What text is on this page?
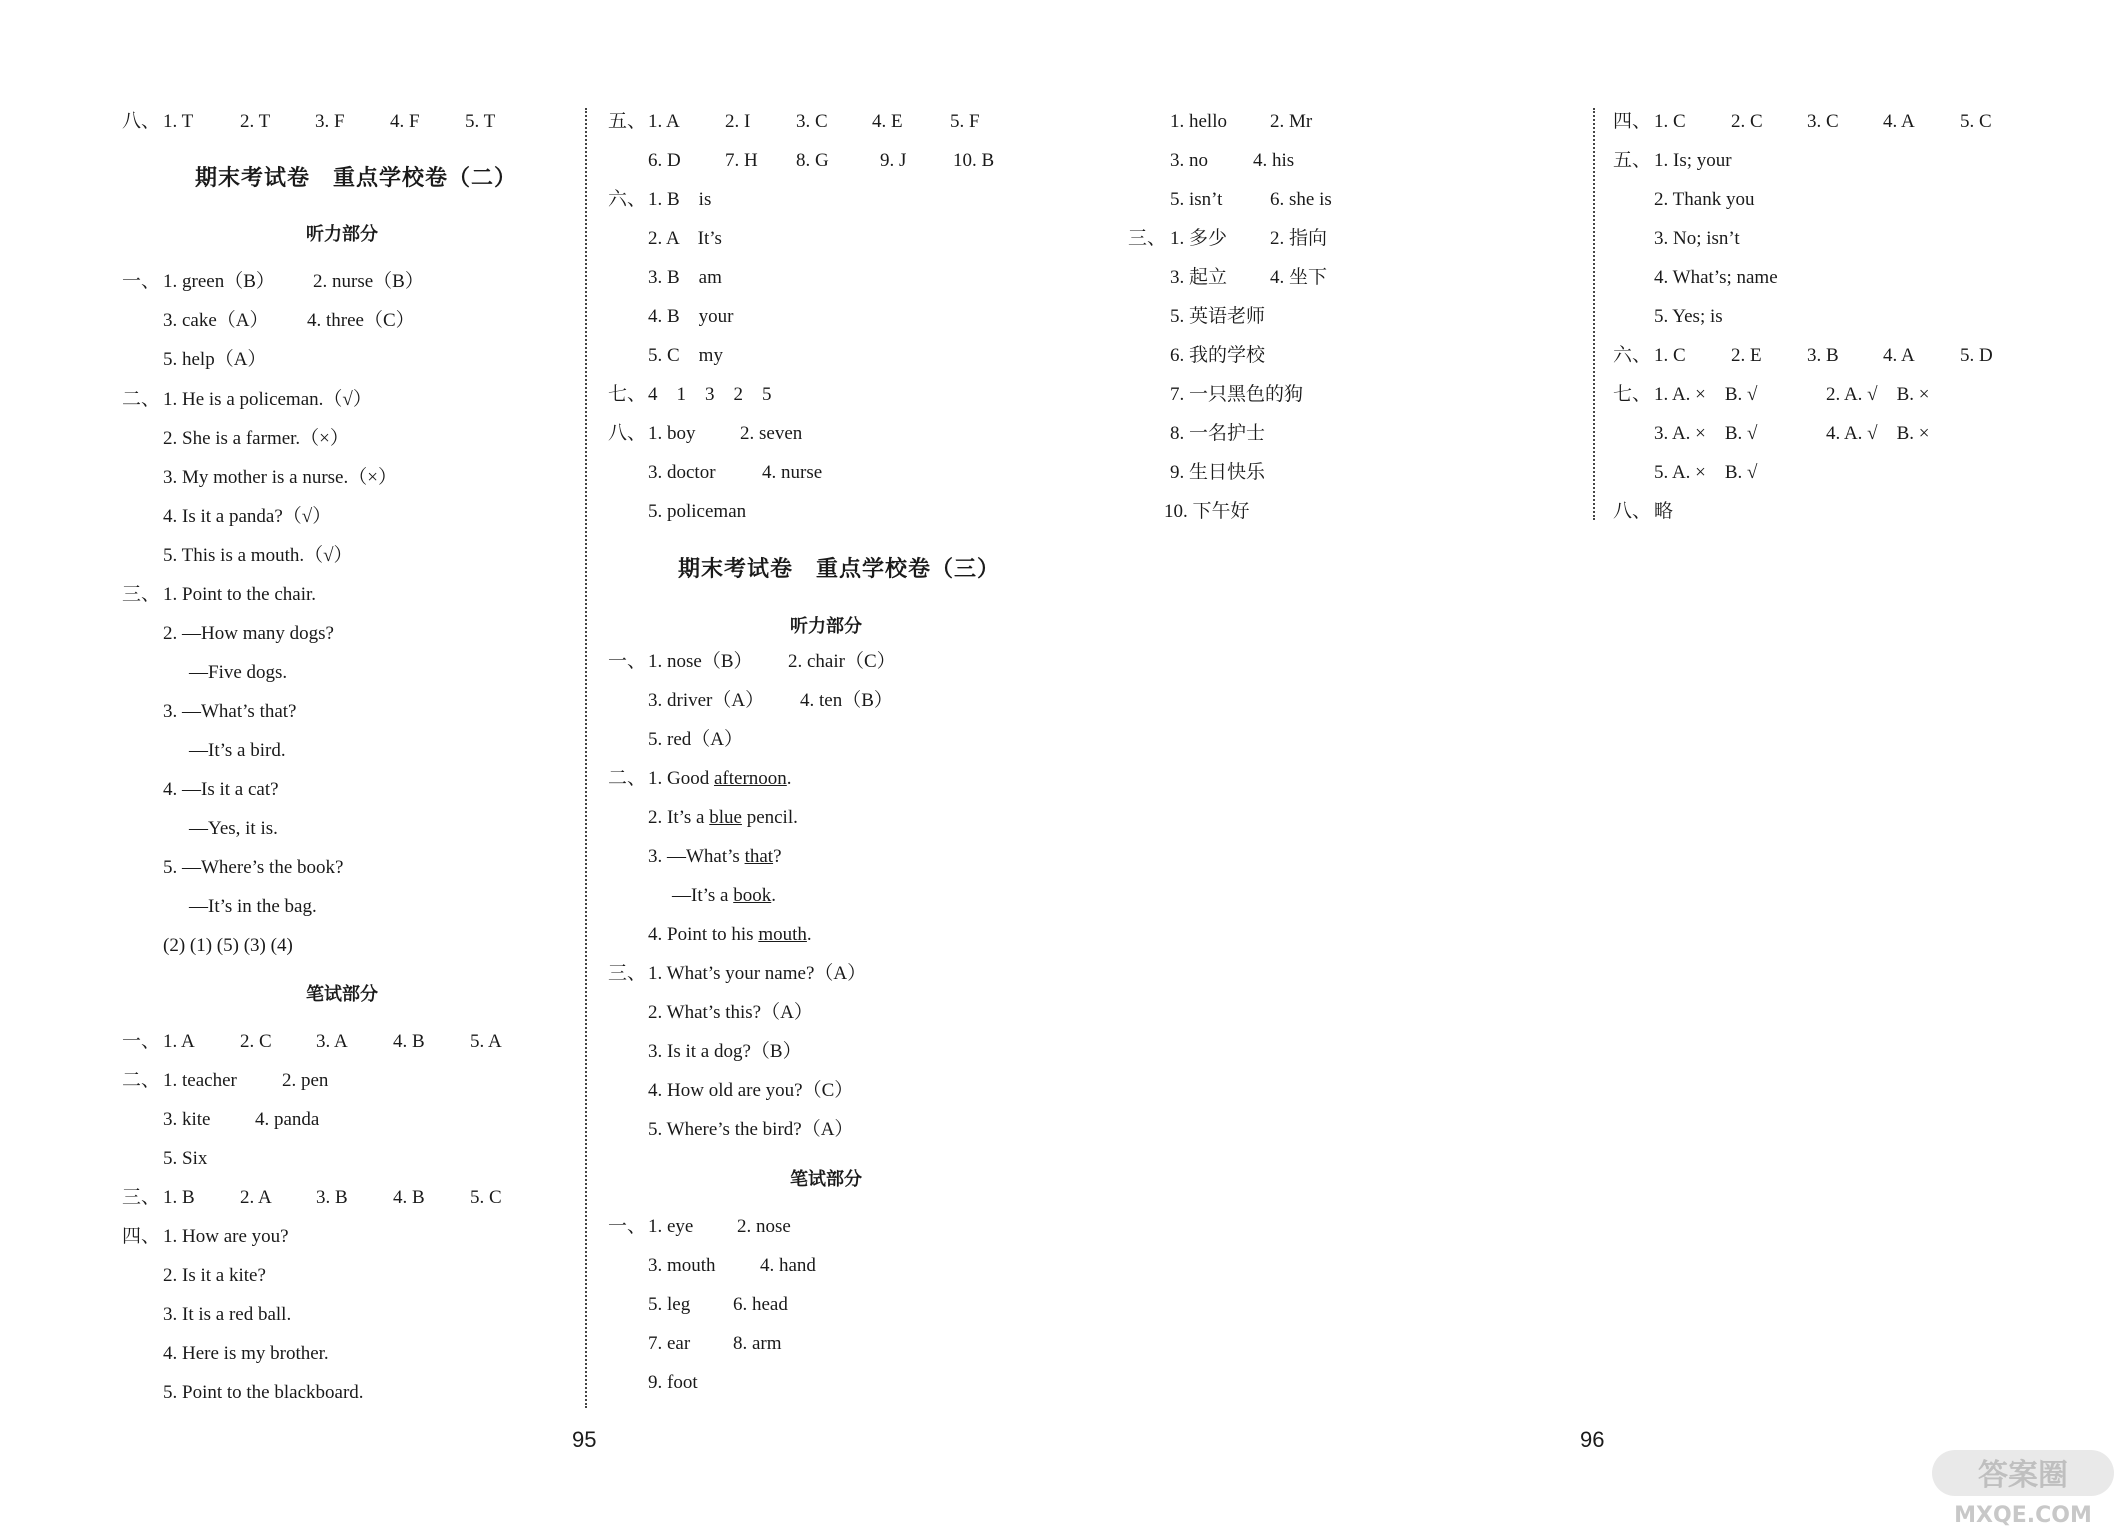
八、 1. T 2. T 3. F 4. F 5. T
期末考试卷　重点学校卷（二）
听力部分
一、 1. green（B） 2. nurse（B）
3. cake（A） 4. three（C）
5. help（A）
二、 1. He is a policeman.（√）
2. She is a farmer.（×）
3. My mother is a nurse.（×）
4. Is it a panda?（√）
5. This is a mouth.（√）
三、 1. Point to the chair.
2. —How many dogs?
—Five dogs.
3. —What’s that?
—It’s a bird.
4. —Is it a cat?
—Yes, it is.
5. —Where’s the book?
—It’s in the bag.
(2) (1) (5) (3) (4)
笔试部分
一、 1. A 2. C 3. A 4. B 5. A
二、 1. teacher 2. pen
3. kite 4. panda
5. Six
三、 1. B 2. A 3. B 4. B 5. C
四、 1. How are you?
2. Is it a kite?
3. It is a red ball.
4. Here is my brother.
5. Point to the blackboard.
五、 1. A 2. I 3. C 4. E 5. F
6. D 7. H 8. G	9. J 10. B
六、 1. B　is
2. A　It’s
3. B　am
4. B　your
5. C　my
七、 4　1　3　2　5
八、 1. boy 2. seven
3. doctor 4. nurse
5. policeman
期末考试卷　重点学校卷（三）
听力部分
一、 1. nose（B） 2. chair（C）
3. driver（A） 4. ten（B）
5. red（A）
二、 1. Good afternoon.
2. It’s a blue pencil.
3. —What’s that?
—It’s a book.
4. Point to his mouth.
三、 1. What’s your name?（A）
2. What’s this?（A）
3. Is it a dog?（B）
4. How old are you?（C）
5. Where’s the bird?（A）
笔试部分
一、 1. eye 2. nose
3. mouth 4. hand
5. leg 6. head
7. ear 8. arm
9. foot
1. hello 2. Mr
3. no 4. his
5. isn’t	6. she is
三、 1. 多少 2. 指向
3. 起立 4. 坐下
5. 英语老师
6. 我的学校
7. 一只黑色的狗
8. 一名护士
9. 生日快乐
10. 下午好
四、 1. C 2. C 3. C 4. A 5. C
五、 1. Is; your
2. Thank you
3. No; isn’t
4. What’s; name
5. Yes; is
六、 1. C 2. E 3. B 4. A 5. D
七、 1. A. ×　B. √	2. A. √　B. ×
3. A. ×　B. √	4. A. √　B. ×
5. A. ×　B. √
八、 略
95	96
答案圈
MXQE.COM
